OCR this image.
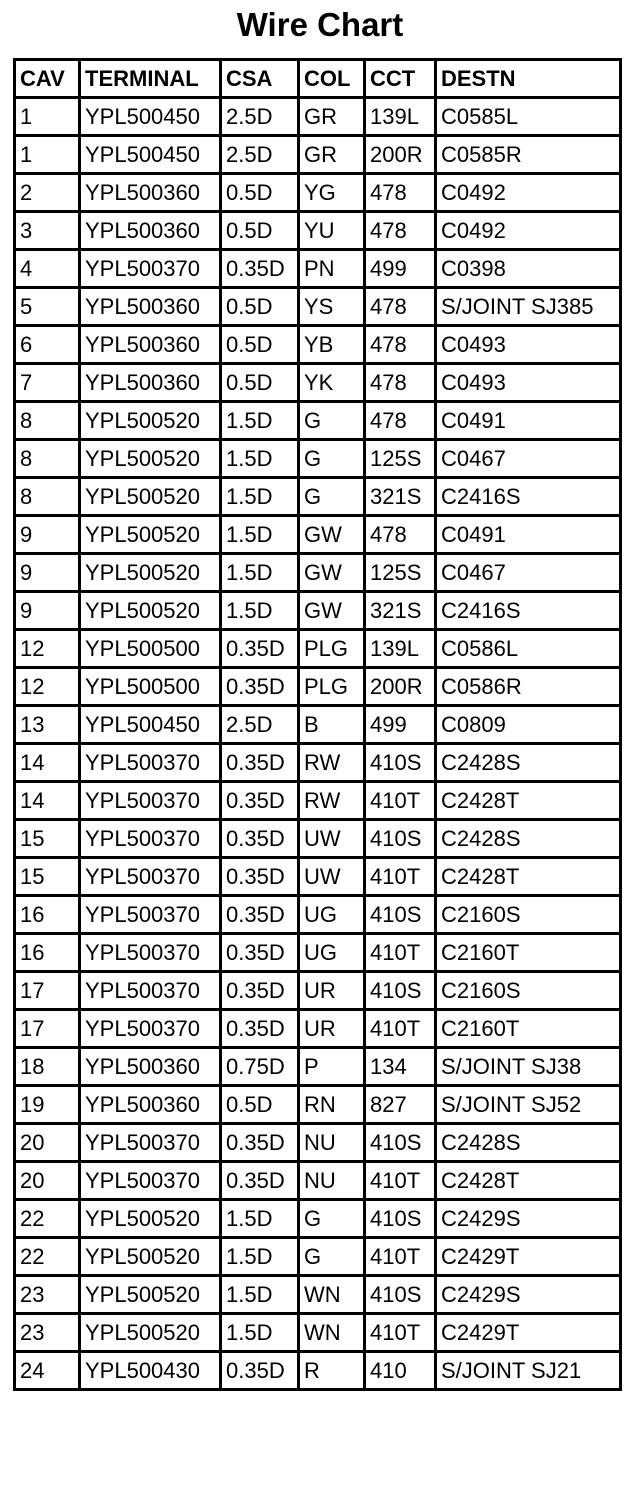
Wire Chart
CAV	TERMINAL	CSA	COL	CCT	DESTN
1	YPL500450	2.5D	GR	139L	C0585L
1	YPL500450	2.5D	GR	200R	C0585R
2	YPL500360	0.5D	YG	478	C0492
3	YPL500360	0.5D	YU	478	C0492
4	YPL500370	0.35D	PN	499	C0398
5	YPL500360	0.5D	YS	478	S/JOINT SJ385
6	YPL500360	0.5D	YB	478	C0493
7	YPL500360	0.5D	YK	478	C0493
8	YPL500520	1.5D	G	478	C0491
8	YPL500520	1.5D	G	125S	C0467
8	YPL500520	1.5D	G	321S	C2416S
9	YPL500520	1.5D	GW	478	C0491
9	YPL500520	1.5D	GW	125S	C0467
9	YPL500520	1.5D	GW	321S	C2416S
12	YPL500500	0.35D	PLG	139L	C0586L
12	YPL500500	0.35D	PLG	200R	C0586R
13	YPL500450	2.5D	B	499	C0809
14	YPL500370	0.35D	RW	410S	C2428S
14	YPL500370	0.35D	RW	410T	C2428T
15	YPL500370	0.35D	UW	410S	C2428S
15	YPL500370	0.35D	UW	410T	C2428T
16	YPL500370	0.35D	UG	410S	C2160S
16	YPL500370	0.35D	UG	410T	C2160T
17	YPL500370	0.35D	UR	410S	C2160S
17	YPL500370	0.35D	UR	410T	C2160T
18	YPL500360	0.75D	P	134	S/JOINT SJ38
19	YPL500360	0.5D	RN	827	S/JOINT SJ52
20	YPL500370	0.35D	NU	410S	C2428S
20	YPL500370	0.35D	NU	410T	C2428T
22	YPL500520	1.5D	G	410S	C2429S
22	YPL500520	1.5D	G	410T	C2429T
23	YPL500520	1.5D	WN	410S	C2429S
23	YPL500520	1.5D	WN	410T	C2429T
24	YPL500430	0.35D	R	410	S/JOINT SJ21
